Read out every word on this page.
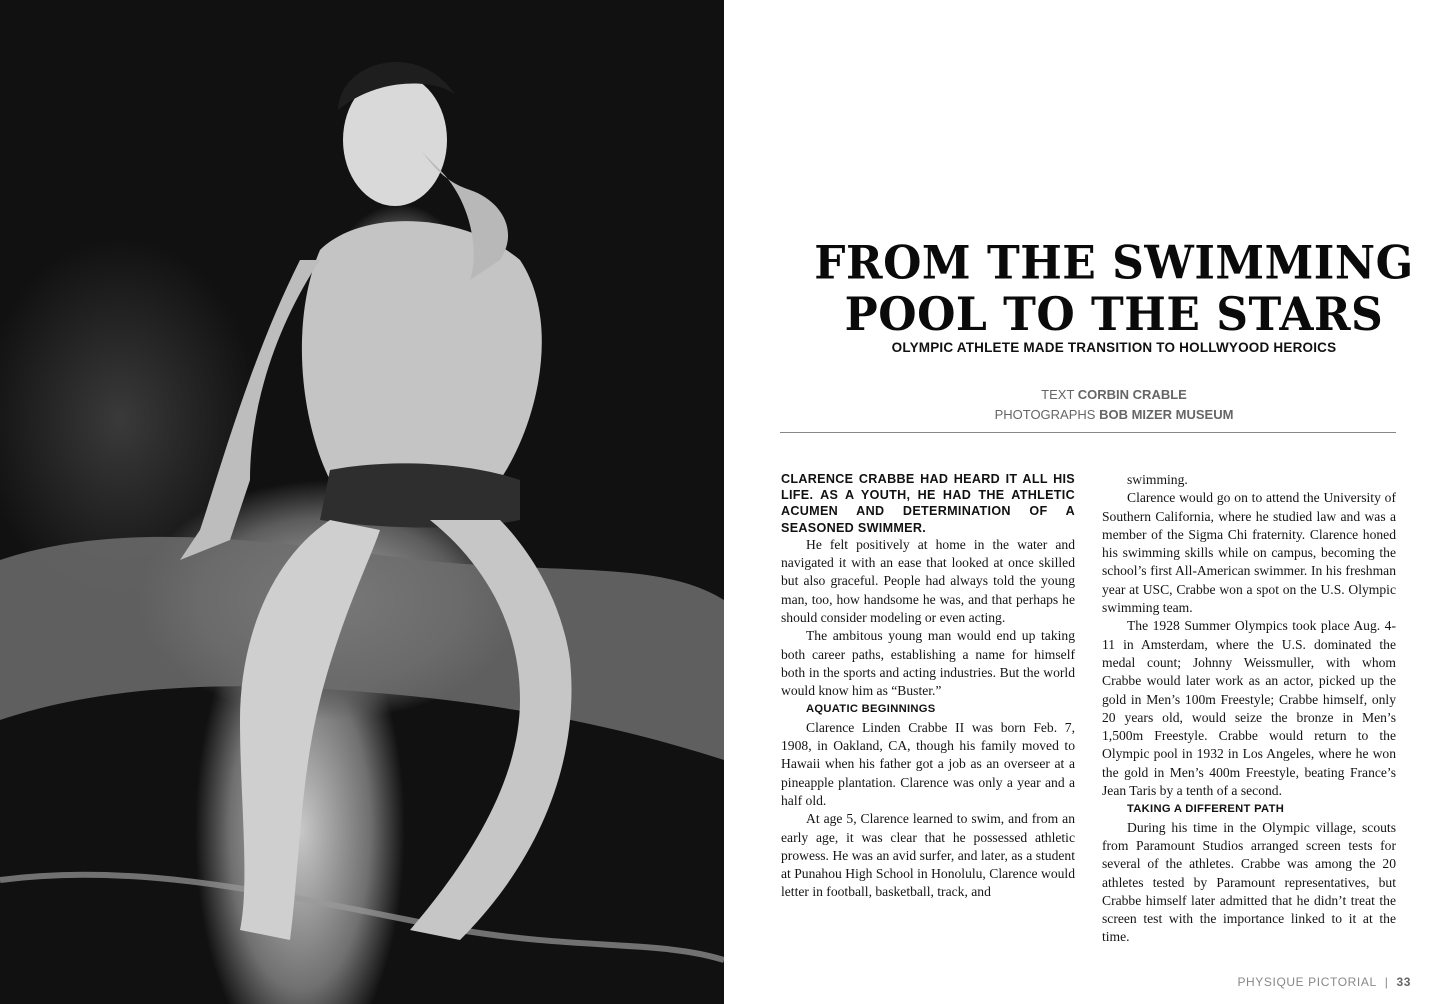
FROM THE SWIMMING POOL TO THE STARS

OLYMPIC ATHLETE MADE TRANSITION TO HOLLWYOOD HEROICS

TEXT CORBIN CRABLE
PHOTOGRAPHS BOB MIZER MUSEUM

CLARENCE CRABBE HAD HEARD IT ALL HIS LIFE. AS A YOUTH, HE HAD THE ATHLETIC ACUMEN AND DETERMINATION OF A SEASONED SWIMMER.

He felt positively at home in the water and navigated it with an ease that looked at once skilled but also graceful. People had always told the young man, too, how handsome he was, and that perhaps he should consider modeling or even acting.

The ambitous young man would end up taking both career paths, establishing a name for himself both in the sports and acting industries. But the world would know him as “Buster.”

AQUATIC BEGINNINGS

Clarence Linden Crabbe II was born Feb. 7, 1908, in Oakland, CA, though his family moved to Hawaii when his father got a job as an overseer at a pineapple plantation. Clarence was only a year and a half old.

At age 5, Clarence learned to swim, and from an early age, it was clear that he possessed athletic prowess. He was an avid surfer, and later, as a student at Punahou High School in Honolulu, Clarence would letter in football, basketball, track, and

swimming.

Clarence would go on to attend the University of Southern California, where he studied law and was a member of the Sigma Chi fraternity. Clarence honed his swimming skills while on campus, becoming the school’s first All-American swimmer. In his freshman year at USC, Crabbe won a spot on the U.S. Olympic swimming team.

The 1928 Summer Olympics took place Aug. 4-11 in Amsterdam, where the U.S. dominated the medal count; Johnny Weissmuller, with whom Crabbe would later work as an actor, picked up the gold in Men’s 100m Freestyle; Crabbe himself, only 20 years old, would seize the bronze in Men’s 1,500m Freestyle. Crabbe would return to the Olympic pool in 1932 in Los Angeles, where he won the gold in Men’s 400m Freestyle, beating France’s Jean Taris by a tenth of a second.

TAKING A DIFFERENT PATH

During his time in the Olympic village, scouts from Paramount Studios arranged screen tests for several of the athletes. Crabbe was among the 20 athletes tested by Paramount representatives, but Crabbe himself later admitted that he didn’t treat the screen test with the importance linked to it at the time.

PHYSIQUE PICTORIAL | 33
